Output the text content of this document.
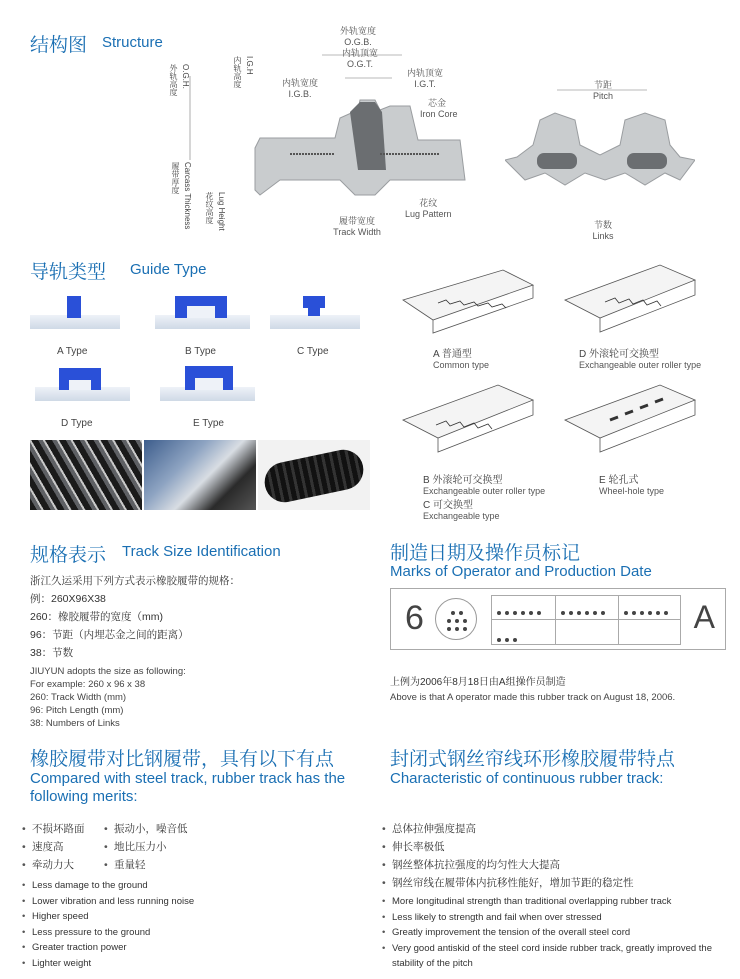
结构图 Structure
外轨宽度
O.G.B.
内轨顶宽
O.G.T.
内轨顶宽
I.G.T.
内轨宽度
I.G.B.
内轨高度 I.G.H
外轨高度 O.G.H.
芯金
Iron Core
履带厚度 Carcass Thickness 花纹高度 Lug Height	花纹
Lug Pattern
履带宽度
Track Width
节距
Pitch
节数
Links
导轨类型 Guide Type
A Type	B Type	C Type
D Type	E Type
A 普通型
Common type
D 外滚轮可交换型
Exchangeable outer roller type
B 外滚轮可交换型
Exchangeable outer roller type
C 可交换型
Exchangeable type
E 轮孔式
Wheel-hole type
规格表示 Track Size Identification
浙江久运采用下列方式表示橡胶履带的规格：
例：260X96X38
260：橡胶履带的宽度（mm)
96：节距（内埋芯金之间的距离）
38：节数
JIUYUN adopts the size as following:
For example: 260 x 96 x 38
260: Track Width (mm)
96: Pitch Length (mm)
38: Numbers of Links
制造日期及操作员标记
Marks of Operator and Production Date
6	A
上例为2006年8月18日由A组操作员制造
Above is that A operator made this rubber track on August 18, 2006.
橡胶履带对比钢履带，具有以下有点
Compared with steel track, rubber track has the following merits:
• 不损坏路面
• 速度高
• 牵动力大
• 振动小，噪音低
• 地比压力小
• 重量轻
• Less damage to the ground
• Lower vibration and less running noise
• Higher speed
• Less pressure to the ground
• Greater traction power
• Lighter weight
封闭式钢丝帘线环形橡胶履带特点
Characteristic of continuous rubber track:
• 总体拉伸强度提高
• 伸长率极低
• 钢丝整体抗拉强度的均匀性大大提高
• 钢丝帘线在履带体内抗移性能好，增加节距的稳定性
• More longitudinal strength than traditional overlapping rubber track
• Less likely to strength and fail when over stressed
• Greatly improvement the tension of the overall steel cord
• Very good antiskid of the steel cord inside rubber track, greatly improved the stability of the pitch
